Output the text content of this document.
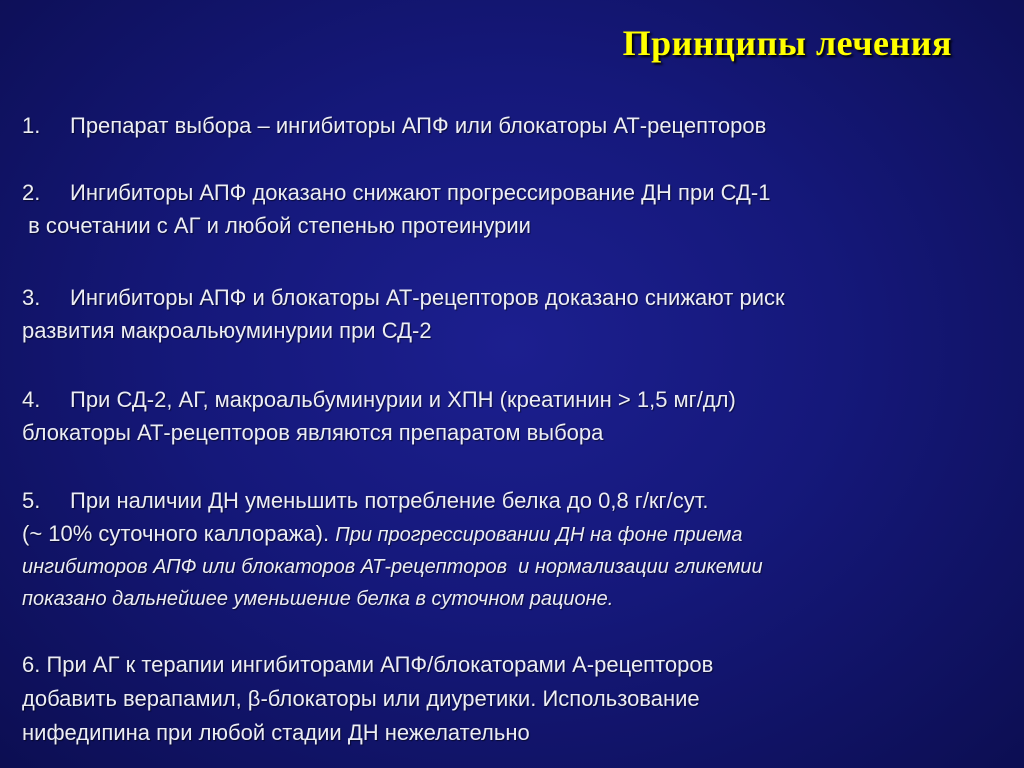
Принципы лечения
1. Препарат выбора – ингибиторы АПФ или блокаторы АТ-рецепторов
2. Ингибиторы АПФ доказано снижают прогрессирование ДН при СД-1
в сочетании с АГ и любой степенью протеинурии
3. Ингибиторы АПФ и блокаторы АТ-рецепторов доказано снижают риск
развития макроальюуминурии при СД-2
4. При СД-2, АГ, макроальбуминурии и ХПН (креатинин > 1,5 мг/дл)
блокаторы АТ-рецепторов являются препаратом выбора
5. При наличии ДН уменьшить потребление белка до 0,8 г/кг/сут.
(~ 10% суточного каллоража). При прогрессировании ДН на фоне приема
ингибиторов АПФ или блокаторов АТ-рецепторов  и нормализации гликемии
показано дальнейшее уменьшение белка в суточном рационе.
6. При АГ к терапии ингибиторами АПФ/блокаторами А-рецепторов
добавить верапамил, β-блокаторы или диуретики. Использование
нифедипина при любой стадии ДН нежелательно
